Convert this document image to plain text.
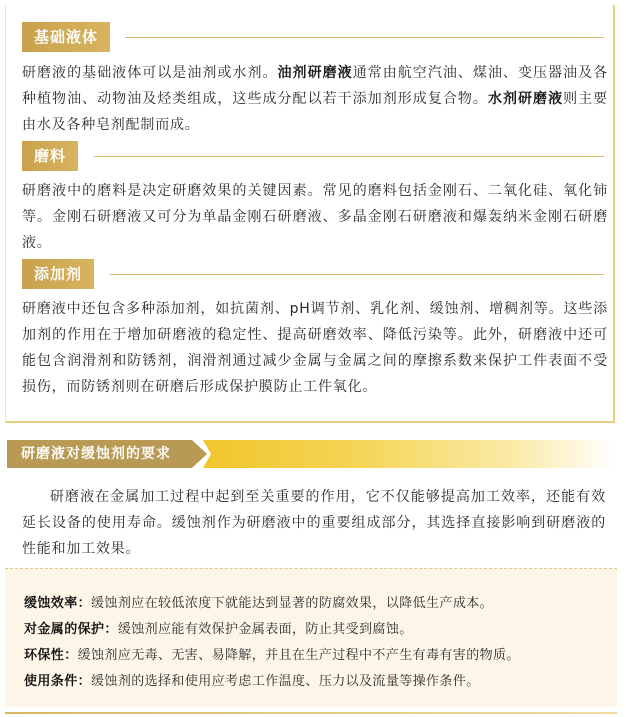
基础液体

研磨液的基础液体可以是油剂或水剂。油剂研磨液通常由航空汽油、煤油、变压器油及各种植物油、动物油及烃类组成，这些成分配以若干添加剂形成复合物。水剂研磨液则主要由水及各种皂剂配制而成。

磨料

研磨液中的磨料是决定研磨效果的关键因素。常见的磨料包括金刚石、二氧化硅、氧化铈等。金刚石研磨液又可分为单晶金刚石研磨液、多晶金刚石研磨液和爆轰纳米金刚石研磨液。

添加剂

研磨液中还包含多种添加剂，如抗菌剂、pH调节剂、乳化剂、缓蚀剂、增稠剂等。这些添加剂的作用在于增加研磨液的稳定性、提高研磨效率、降低污染等。此外，研磨液中还可能包含润滑剂和防锈剂，润滑剂通过减少金属与金属之间的摩擦系数来保护工件表面不受损伤，而防锈剂则在研磨后形成保护膜防止工件氧化。

研磨液对缓蚀剂的要求

研磨液在金属加工过程中起到至关重要的作用，它不仅能够提高加工效率，还能有效延长设备的使用寿命。缓蚀剂作为研磨液中的重要组成部分，其选择直接影响到研磨液的性能和加工效果。

缓蚀效率：缓蚀剂应在较低浓度下就能达到显著的防腐效果，以降低生产成本。

对金属的保护：缓蚀剂应能有效保护金属表面，防止其受到腐蚀。

环保性：缓蚀剂应无毒、无害、易降解，并且在生产过程中不产生有毒有害的物质。

使用条件：缓蚀剂的选择和使用应考虑工作温度、压力以及流量等操作条件。
